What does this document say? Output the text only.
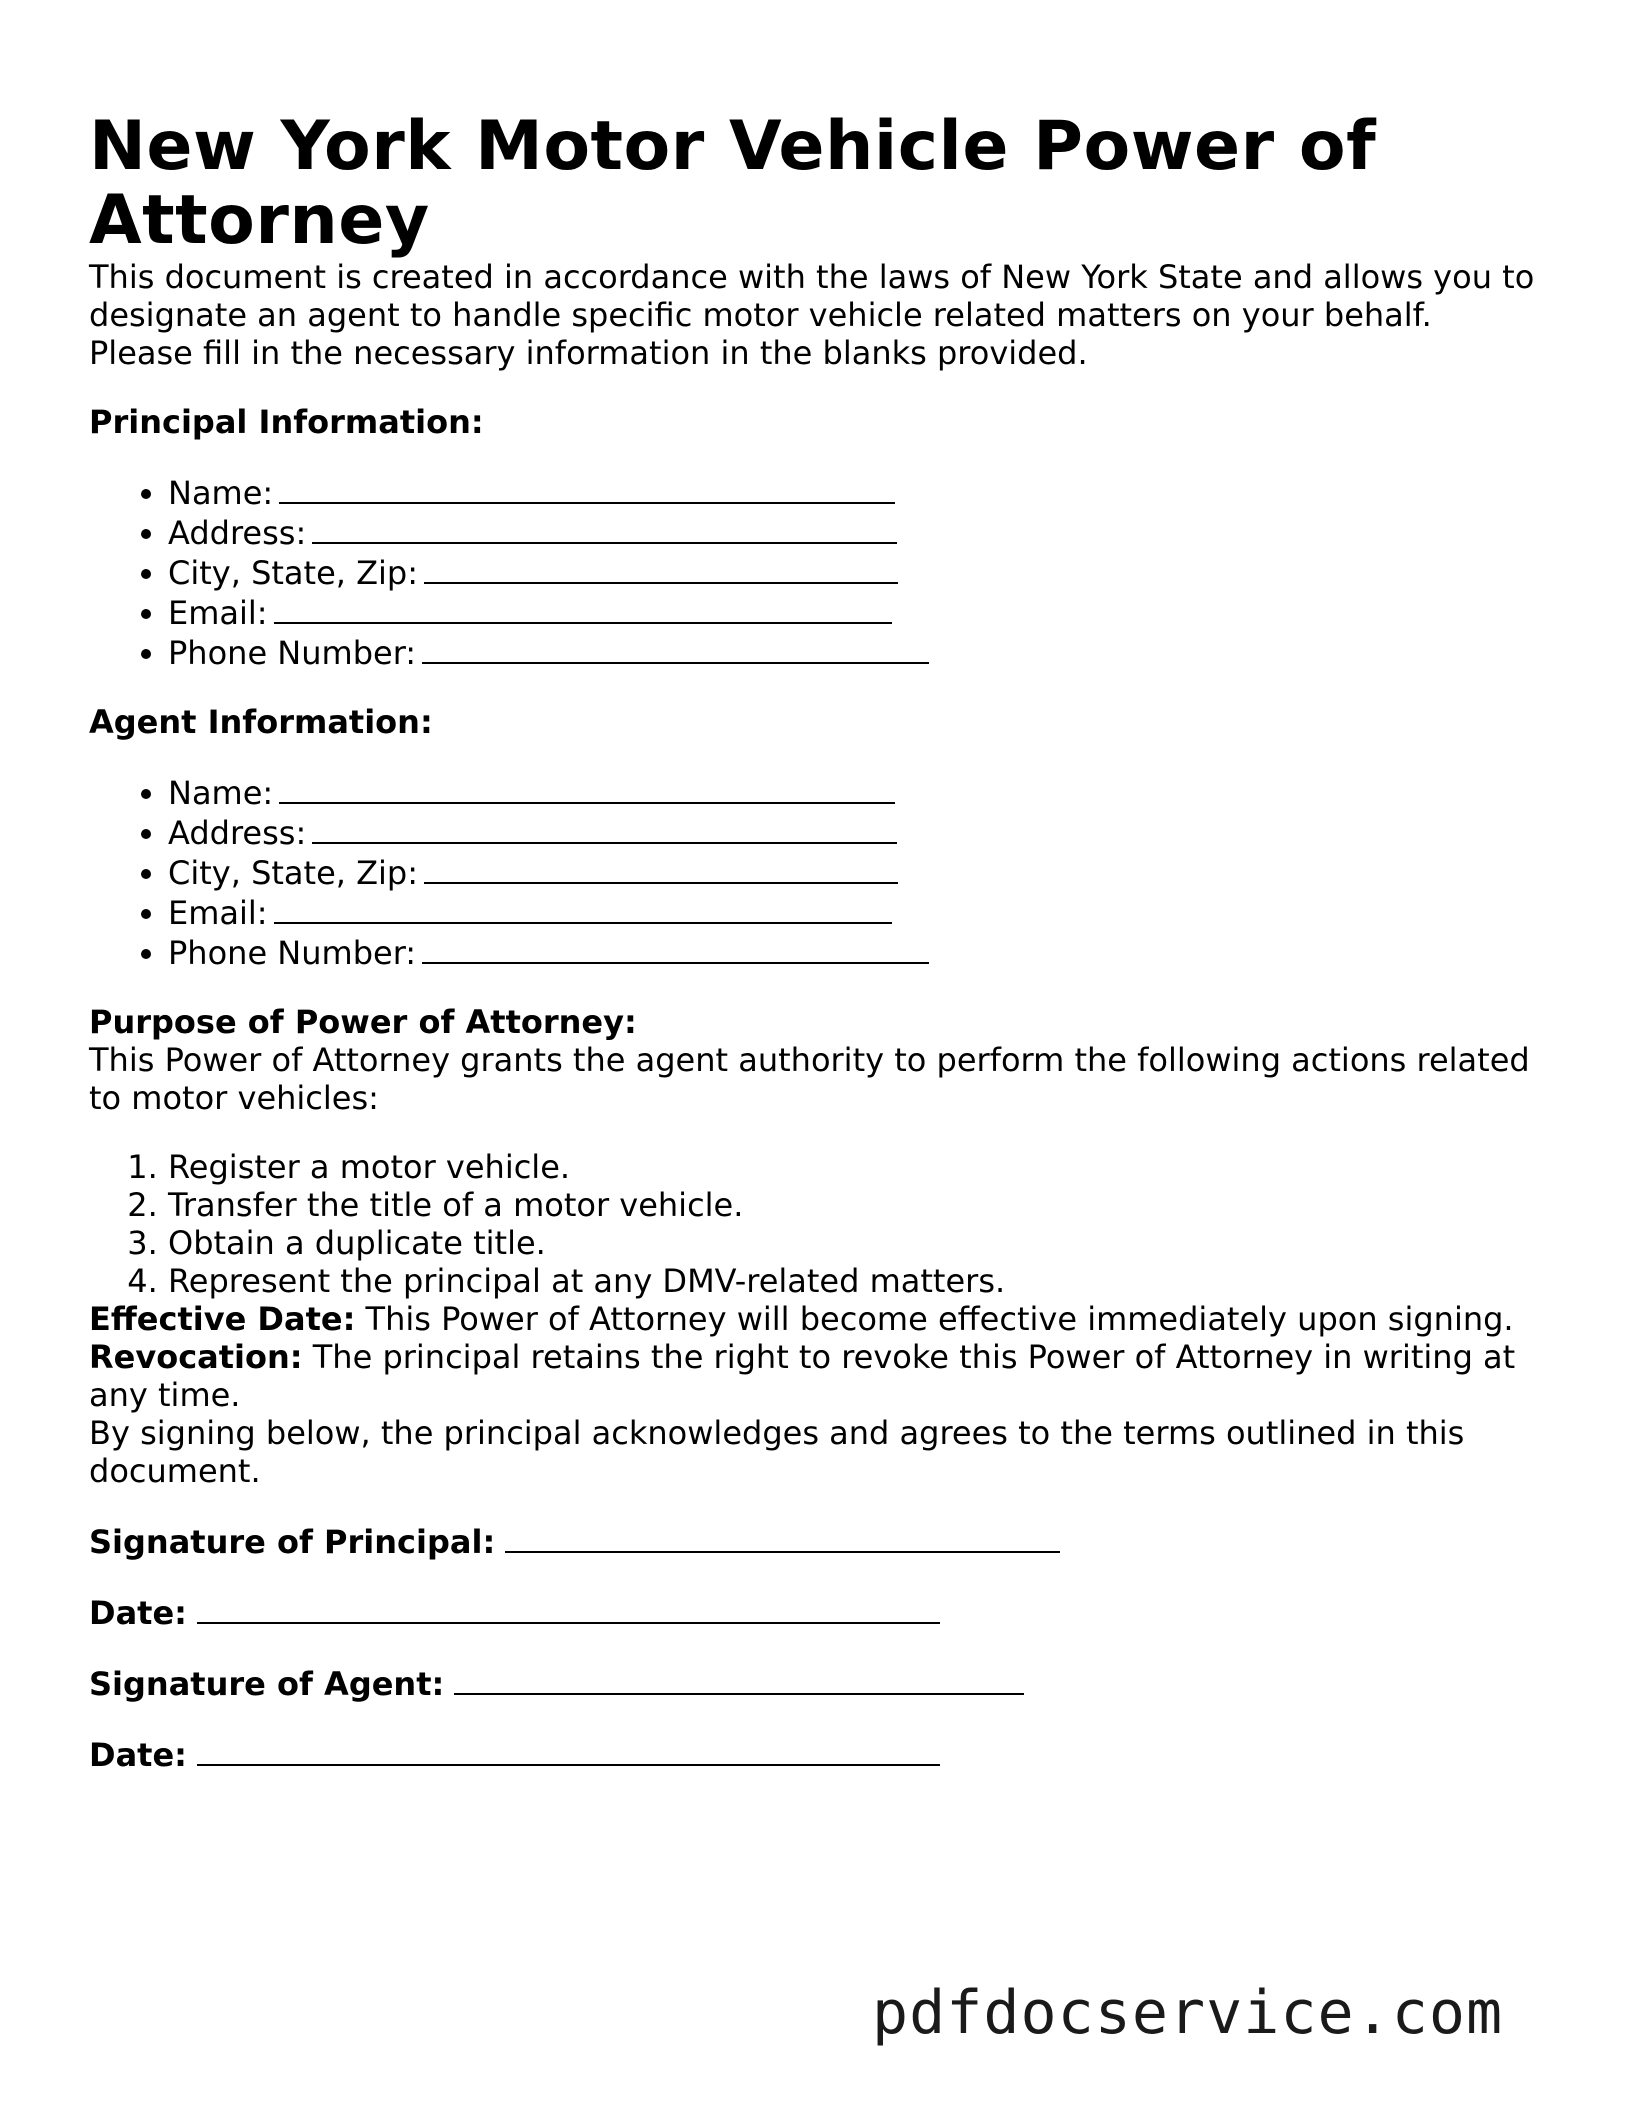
New York Motor Vehicle Power of Attorney

This document is created in accordance with the laws of New York State and allows you to designate an agent to handle specific motor vehicle related matters on your behalf.

Please fill in the necessary information in the blanks provided.

Principal Information:
• Name:
• Address:
• City, State, Zip:
• Email:
• Phone Number:
Agent Information:
• Name:
• Address:
• City, State, Zip:
• Email:
• Phone Number:
Purpose of Power of Attorney:

This Power of Attorney grants the agent authority to perform the following actions related to motor vehicles:

1. Register a motor vehicle.
2. Transfer the title of a motor vehicle.
3. Obtain a duplicate title.
4. Represent the principal at any DMV-related matters.

Effective Date: This Power of Attorney will become effective immediately upon signing.

Revocation: The principal retains the right to revoke this Power of Attorney in writing at any time.

By signing below, the principal acknowledges and agrees to the terms outlined in this document.

Signature of Principal:

Date:

Signature of Agent:

Date:

pdfdocservice.com
